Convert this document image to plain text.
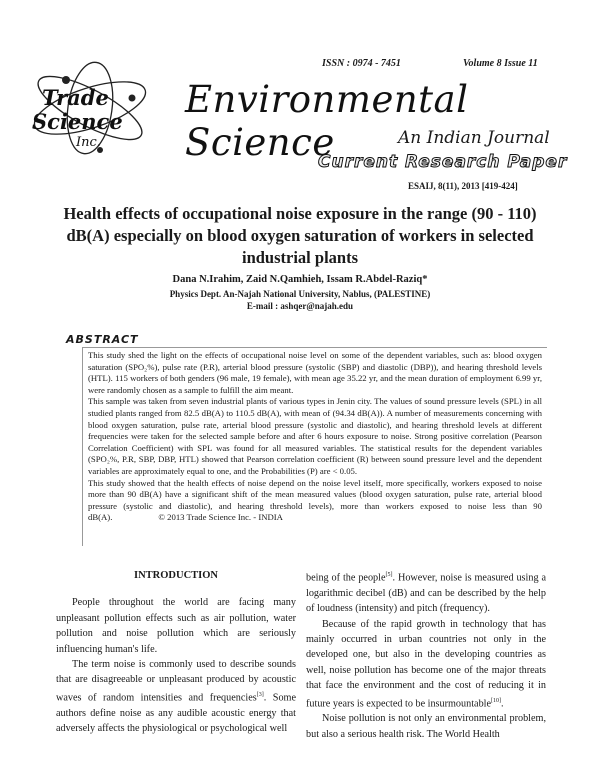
ISSN : 0974 - 7451	Volume 8 Issue 11
Trade
Science
Inc.
Environmental Science	An Indian Journal
Current Research Paper
ESAIJ, 8(11), 2013 [419-424]
Health effects of occupational noise exposure in the range (90 - 110) dB(A) especially on blood oxygen saturation of workers in selected industrial plants
Dana N.Irahim, Zaid N.Qamhieh, Issam R.Abdel-Raziq*
Physics Dept. An-Najah National University, Nablus, (PALESTINE)
E-mail : ashqer@najah.edu
ABSTRACT

This study shed the light on the effects of occupational noise level on some of the dependent variables, such as: blood oxygen saturation (SPO₂%), pulse rate (P.R), arterial blood pressure (systolic (SBP) and diastolic (DBP)), and hearing threshold levels (HTL). 115 workers of both genders (96 male, 19 female), with mean age 35.22 yr, and the mean duration of employment 6.99 yr, were randomly chosen as a sample to fulfill the aim meant.

This sample was taken from seven industrial plants of various types in Jenin city. The values of sound pressure levels (SPL) in all studied plants ranged from 82.5 dB(A) to 110.5 dB(A), with mean of (94.34 dB(A)). A number of measurements concerning with blood oxygen saturation, pulse rate, arterial blood pressure (systolic and diastolic), and hearing threshold levels at different frequencies were taken for the selected sample before and after 6 hours exposure to noise. Strong positive correlation (Pearson Correlation Coefficient) with SPL was found for all measured variables. The statistical results for the dependent variables (SPO₂%, P.R, SBP, DBP, HTL) showed that Pearson correlation coefficient (R) between sound pressure level and the dependent variables are approximately equal to one, and the Probabilities (P) are < 0.05.

This study showed that the health effects of noise depend on the noise level itself, more specifically, workers exposed to noise more than 90 dB(A) have a significant shift of the mean measured values (blood oxygen saturation, pulse rate, arterial blood pressure (systolic and diastolic), and hearing threshold levels), more than workers exposed to noise less than 90 dB(A).	© 2013 Trade Science Inc. - INDIA

INTRODUCTION

People throughout the world are facing many unpleasant pollution effects such as air pollution, water pollution and noise pollution which are seriously influencing human's life.

The term noise is commonly used to describe sounds that are disagreeable or unpleasant produced by acoustic waves of random intensities and frequencies[3]. Some authors define noise as any audible acoustic energy that adversely affects the physiological or psychological well

being of the people[5]. However, noise is measured using a logarithmic decibel (dB) and can be described by the help of loudness (intensity) and pitch (frequency).

Because of the rapid growth in technology that has mainly occurred in urban countries not only in the developed one, but also in the developing countries as well, noise pollution has become one of the major threats that face the environment and the cost of reducing it in future years is expected to be insurmountable[10].

Noise pollution is not only an environmental problem, but also a serious health risk. The World Health
